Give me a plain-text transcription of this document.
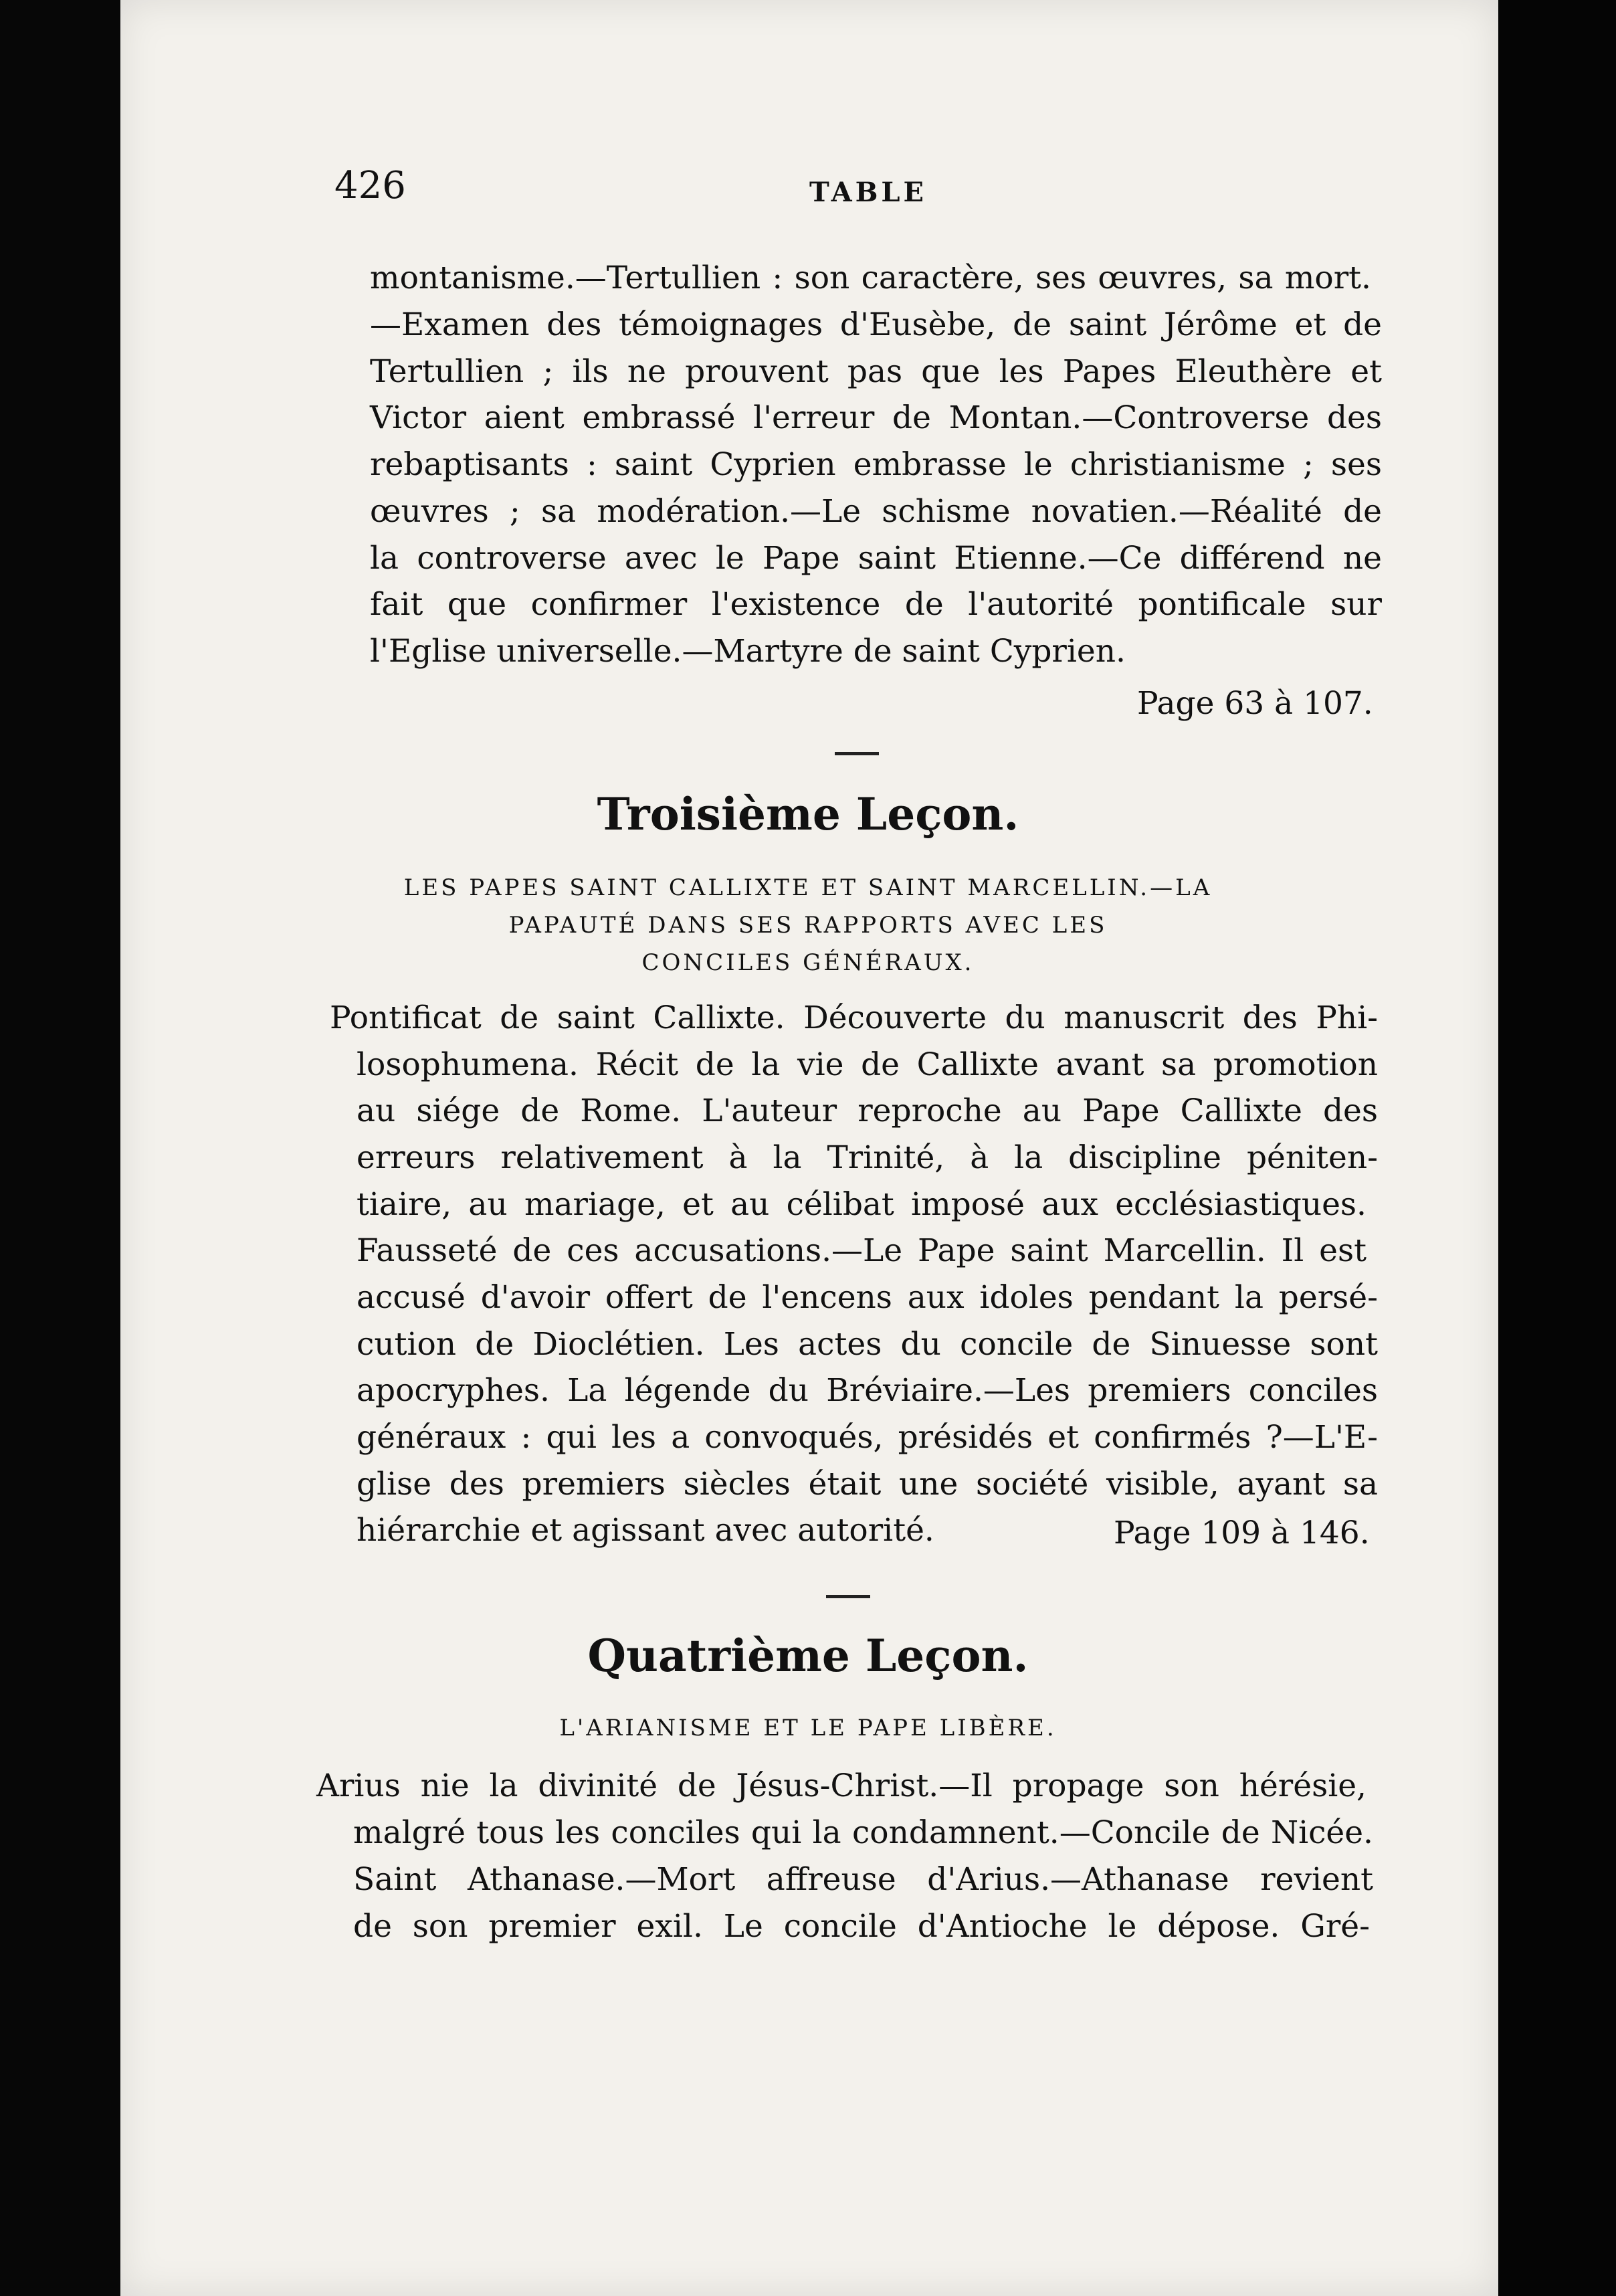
426	TABLE
montanisme.—Tertullien : son caractère, ses œuvres, sa mort.
—Examen des témoignages d'Eusèbe, de saint Jérôme et de
Tertullien ; ils ne prouvent pas que les Papes Eleuthère et
Victor aient embrassé l'erreur de Montan.—Controverse des
rebaptisants : saint Cyprien embrasse le christianisme ; ses
œuvres ; sa modération.—Le schisme novatien.—Réalité de
la controverse avec le Pape saint Etienne.—Ce différend ne
fait que confirmer l'existence de l'autorité pontificale sur
l'Eglise universelle.—Martyre de saint Cyprien.
Page 63 à 107.
Troisième Leçon.
LES PAPES SAINT CALLIXTE ET SAINT MARCELLIN.—LA
PAPAUTÉ DANS SES RAPPORTS AVEC LES
CONCILES GÉNÉRAUX.
Pontificat de saint Callixte. Découverte du manuscrit des Phi-
losophumena. Récit de la vie de Callixte avant sa promotion
au siége de Rome. L'auteur reproche au Pape Callixte des
erreurs relativement à la Trinité, à la discipline péniten-
tiaire, au mariage, et au célibat imposé aux ecclésiastiques.
Fausseté de ces accusations.—Le Pape saint Marcellin. Il est
accusé d'avoir offert de l'encens aux idoles pendant la persé-
cution de Dioclétien. Les actes du concile de Sinuesse sont
apocryphes. La légende du Bréviaire.—Les premiers conciles
généraux : qui les a convoqués, présidés et confirmés ?—L'E-
glise des premiers siècles était une société visible, ayant sa
hiérarchie et agissant avec autorité.	Page 109 à 146.
Quatrième Leçon.
L'ARIANISME ET LE PAPE LIBÈRE.
Arius nie la divinité de Jésus-Christ.—Il propage son hérésie,
malgré tous les conciles qui la condamnent.—Concile de Nicée.
Saint Athanase.—Mort affreuse d'Arius.—Athanase revient
de son premier exil. Le concile d'Antioche le dépose. Gré-
